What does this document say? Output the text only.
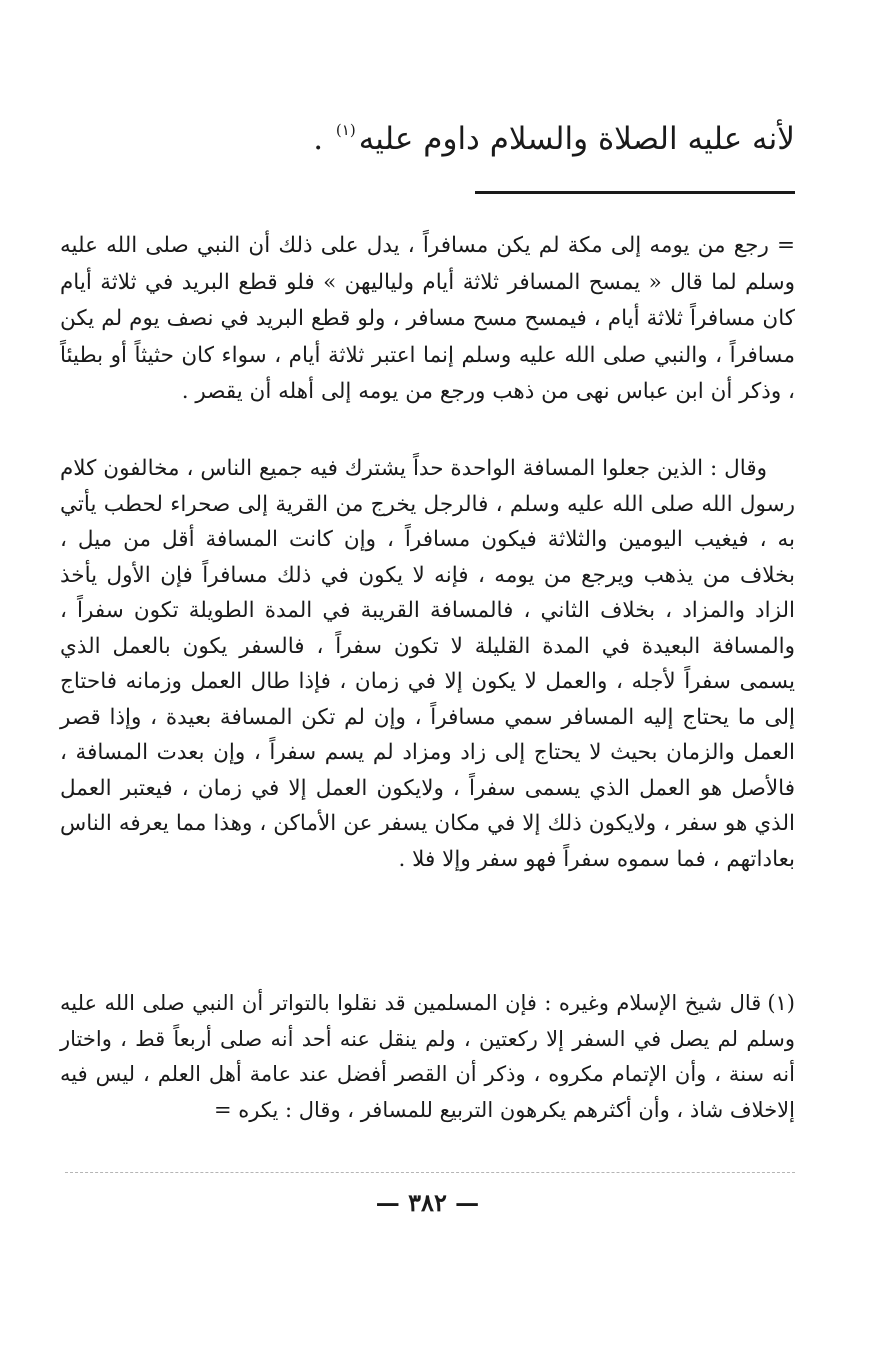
لأنه عليه الصلاة والسلام داوم عليه$^{(١)}$ .

= رجع من يومه إلى مكة لم يكن مسافراً ، يدل على ذلك أن النبي صلى الله عليه وسلم لما قال « يمسح المسافر ثلاثة أيام ولياليهن » فلو قطع البريد في ثلاثة أيام كان مسافراً ثلاثة أيام ، فيمسح مسح مسافر ، ولو قطع البريد في نصف يوم لم يكن مسافراً ، والنبي صلى الله عليه وسلم إنما اعتبر ثلاثة أيام ، سواء كان حثيثاً أو بطيئاً ، وذكر أن ابن عباس نهى من ذهب ورجع من يومه إلى أهله أن يقصر .

وقال : الذين جعلوا المسافة الواحدة حداً يشترك فيه جميع الناس ، مخالفون كلام رسول الله صلى الله عليه وسلم ، فالرجل يخرج من القرية إلى صحراء لحطب يأتي به ، فيغيب اليومين والثلاثة فيكون مسافراً ، وإن كانت المسافة أقل من ميل ، بخلاف من يذهب ويرجع من يومه ، فإنه لا يكون في ذلك مسافراً فإن الأول يأخذ الزاد والمزاد ، بخلاف الثاني ، فالمسافة القريبة في المدة الطويلة تكون سفراً ، والمسافة البعيدة في المدة القليلة لا تكون سفراً ، فالسفر يكون بالعمل الذي يسمى سفراً لأجله ، والعمل لا يكون إلا في زمان ، فإذا طال العمل وزمانه فاحتاج إلى ما يحتاج إليه المسافر سمي مسافراً ، وإن لم تكن المسافة بعيدة ، وإذا قصر العمل والزمان بحيث لا يحتاج إلى زاد ومزاد لم يسم سفراً ، وإن بعدت المسافة ، فالأصل هو العمل الذي يسمى سفراً ، ولايكون العمل إلا في زمان ، فيعتبر العمل الذي هو سفر ، ولايكون ذلك إلا في مكان يسفر عن الأماكن ، وهذا مما يعرفه الناس بعاداتهم ، فما سموه سفراً فهو سفر وإلا فلا .

(١)قال شيخ الإسلام وغيره : فإن المسلمين قد نقلوا بالتواتر أن النبي صلى الله عليه وسلم لم يصل في السفر إلا ركعتين ، ولم ينقل عنه أحد أنه صلى أربعاً قط ، واختار أنه سنة ، وأن الإتمام مكروه ، وذكر أن القصر أفضل عند عامة أهل العلم ، ليس فيه إلاخلاف شاذ ، وأن أكثرهم يكرهون التربيع للمسافر ، وقال : يكره =

— ٣٨٢ —
